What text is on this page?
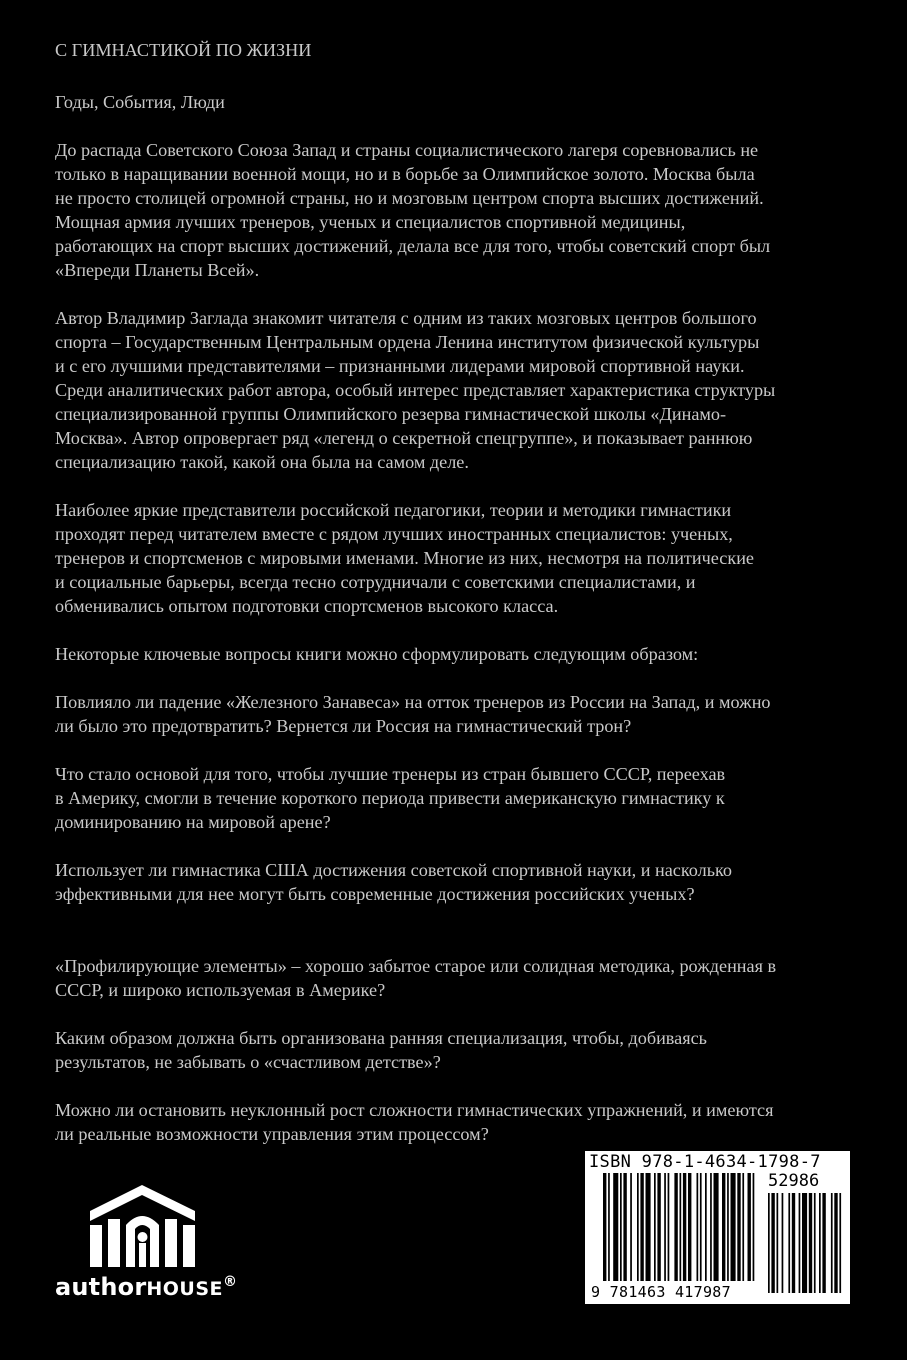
С ГИМНАСТИКОЙ ПО ЖИЗНИ

Годы, События, Люди

До распада Советского Союза Запад и страны социалистического лагеря соревновались не
только в наращивании военной мощи, но и в борьбе за Олимпийское золото. Москва была
не просто столицей огромной страны, но и мозговым центром спорта высших достижений.
Мощная армия лучших тренеров, ученых и специалистов спортивной медицины,
работающих на спорт высших достижений, делала все для того, чтобы советский спорт был
«Впереди Планеты Всей».

Автор Владимир Заглада знакомит читателя с одним из таких мозговых центров большого
спорта – Государственным Центральным ордена Ленина институтом физической культуры
и с его лучшими представителями – признанными лидерами мировой спортивной науки.
Среди аналитических работ автора, особый интерес представляет характеристика структуры
специализированной группы Олимпийского резерва гимнастической школы «Динамо-
Москва». Автор опровергает ряд «легенд о секретной спецгруппе», и показывает раннюю
специализацию такой, какой она была на самом деле.

Наиболее яркие представители российской педагогики, теории и методики гимнастики
проходят перед читателем вместе с рядом лучших иностранных специалистов: ученых,
тренеров и спортсменов с мировыми именами. Многие из них, несмотря на политические
и социальные барьеры, всегда тесно сотрудничали с советскими специалистами, и
обменивались опытом подготовки спортсменов высокого класса.

Некоторые ключевые вопросы книги можно сформулировать следующим образом:

Повлияло ли падение «Железного Занавеса» на отток тренеров из России на Запад, и можно
ли было это предотвратить? Вернется ли Россия на гимнастический трон?

Что стало основой для того, чтобы лучшие тренеры из стран бывшего СССР, переехав
в Америку, смогли в течение короткого периода привести американскую гимнастику к
доминированию на мировой арене?

Использует ли гимнастика США достижения советской спортивной науки, и насколько
эффективными для нее могут быть современные достижения российских ученых?

«Профилирующие элементы» – хорошо забытое старое или солидная методика, рожденная в
СССР, и широко используемая в Америке?

Каким образом должна быть организована ранняя специализация, чтобы, добиваясь
результатов, не забывать о «счастливом детстве»?

Можно ли остановить неуклонный рост сложности гимнастических упражнений, и имеются
ли реальные возможности управления этим процессом?

authorHOUSE®
ISBN 978-1-4634-1798-7
52986
9 781463 417987
